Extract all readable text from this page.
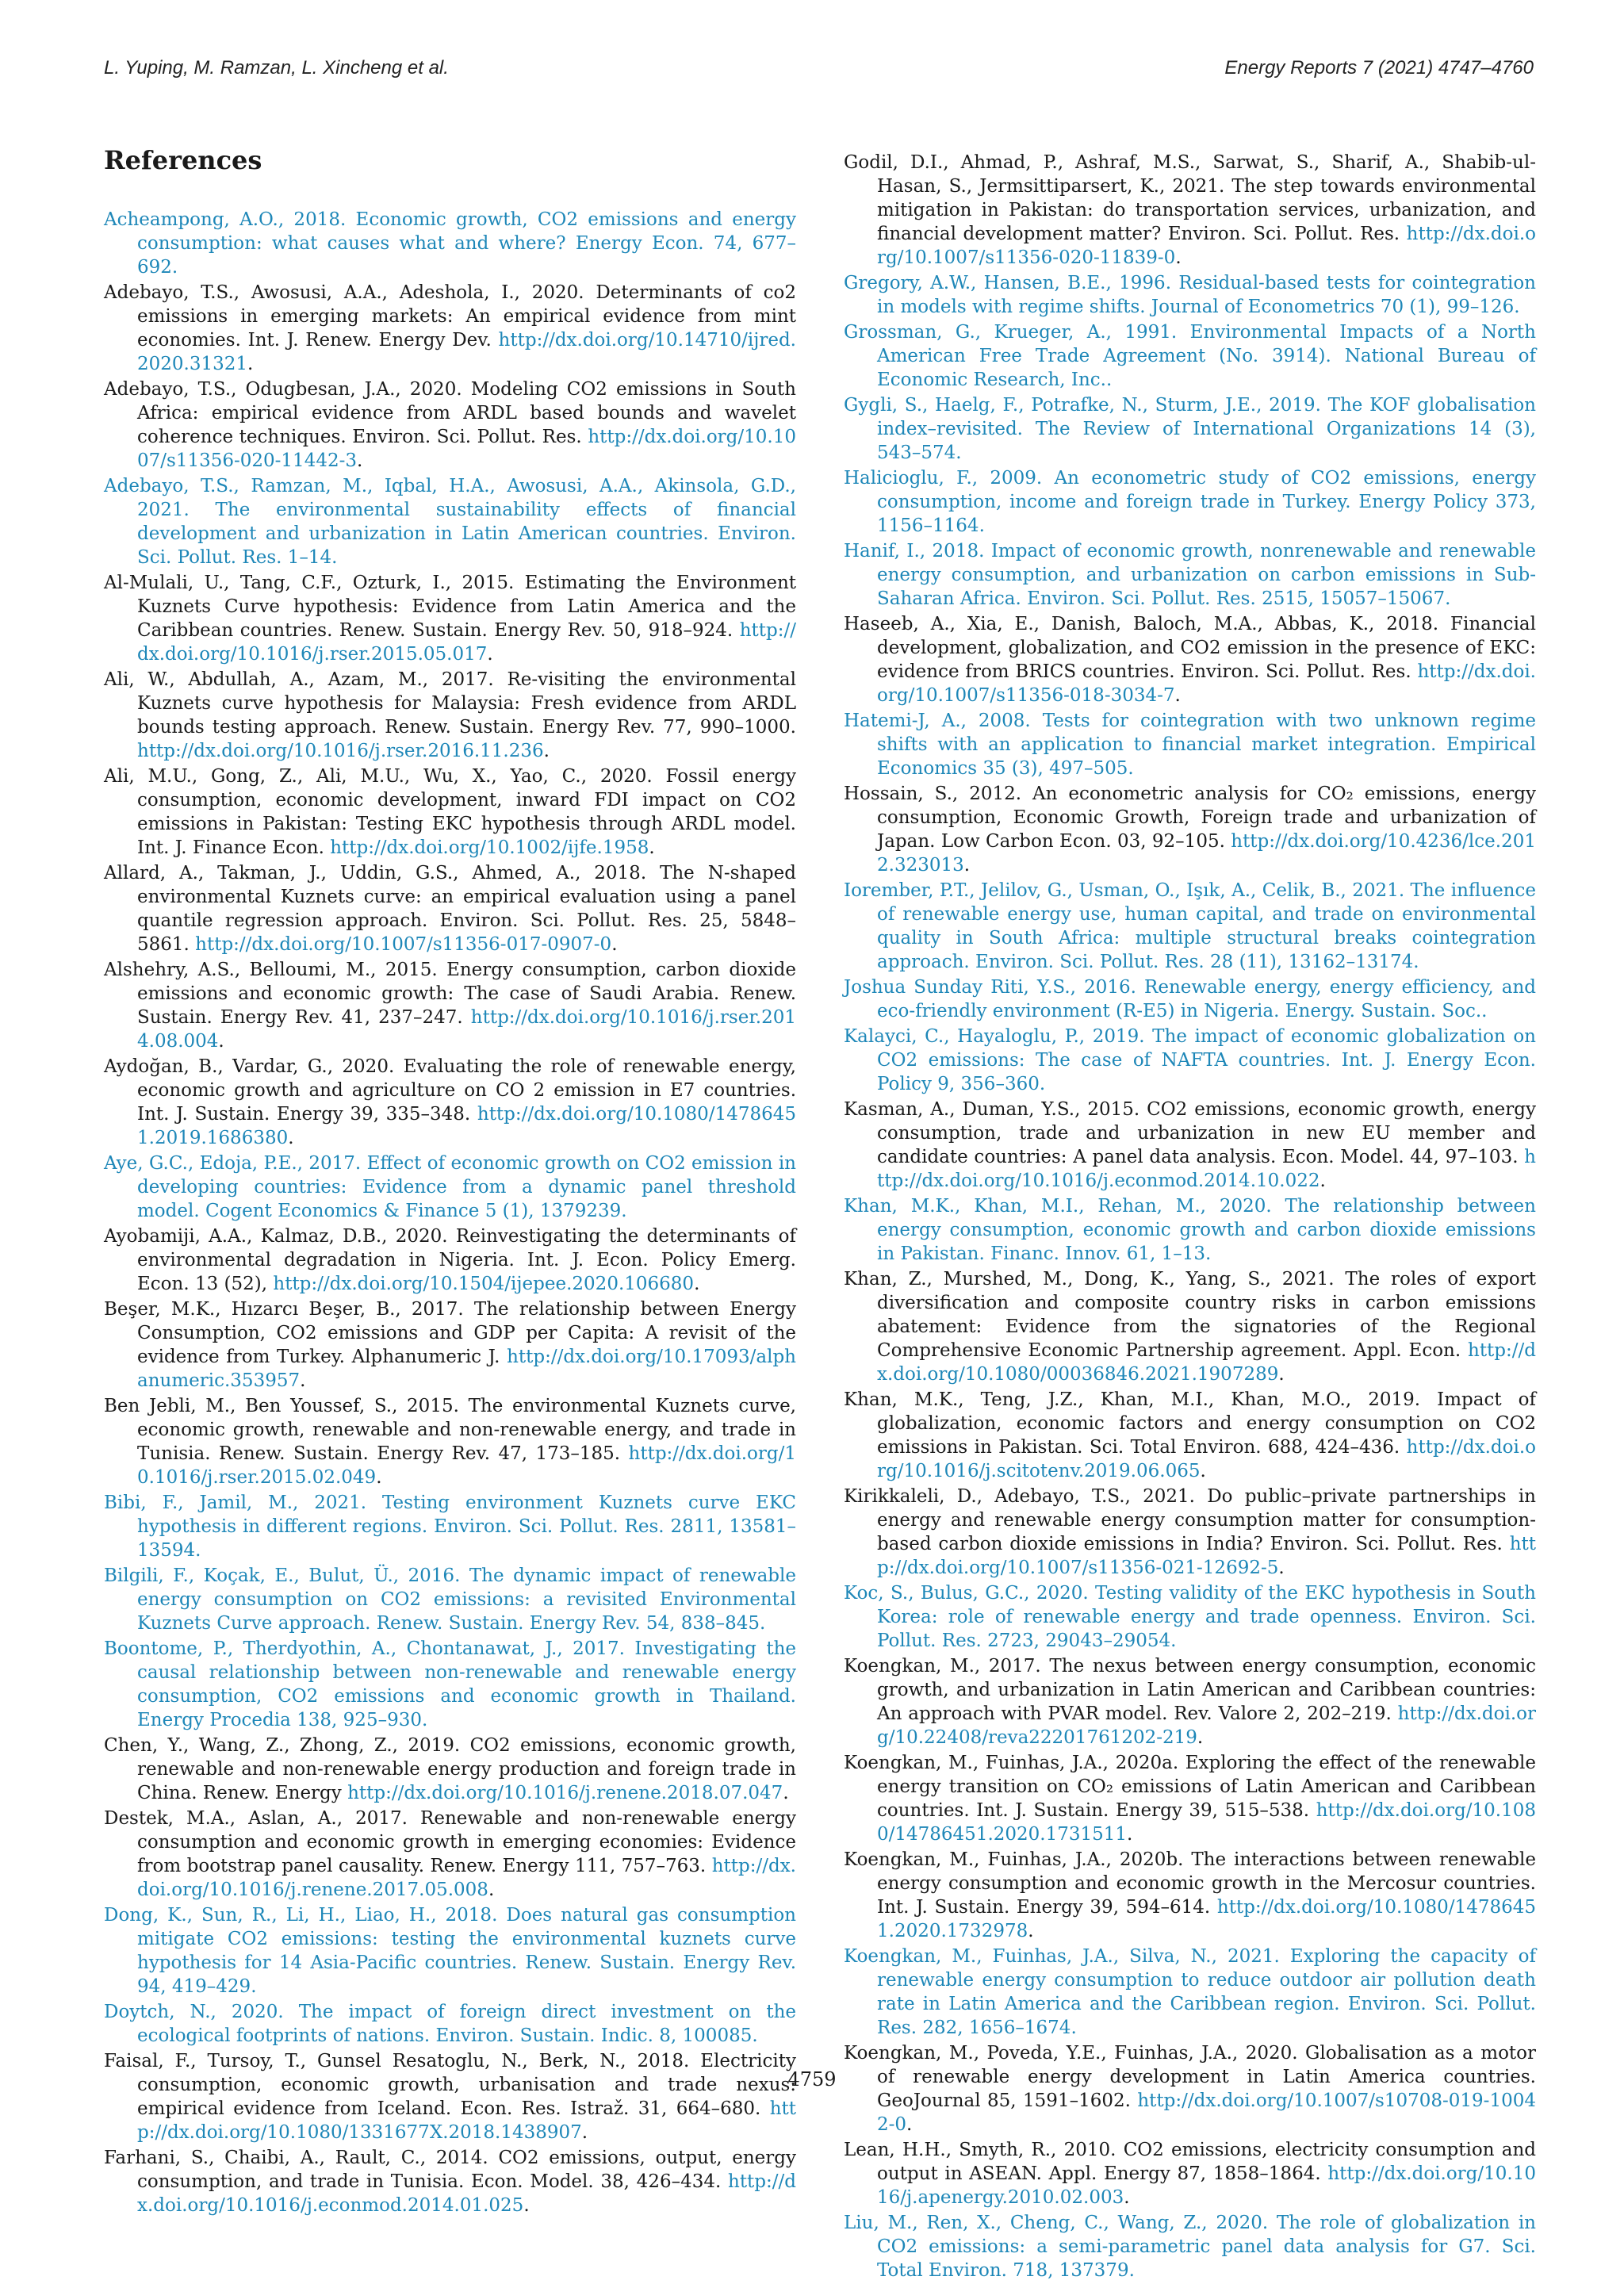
L. Yuping, M. Ramzan, L. Xincheng et al.	Energy Reports 7 (2021) 4747–4760
References

Acheampong, A.O., 2018. Economic growth, CO2 emissions and energy consumption: what causes what and where? Energy Econ. 74, 677–692.

Adebayo, T.S., Awosusi, A.A., Adeshola, I., 2020. Determinants of co2 emissions in emerging markets: An empirical evidence from mint economies. Int. J. Renew. Energy Dev. http://dx.doi.org/10.14710/ijred.2020.31321.

Adebayo, T.S., Odugbesan, J.A., 2020. Modeling CO2 emissions in South Africa: empirical evidence from ARDL based bounds and wavelet coherence techniques. Environ. Sci. Pollut. Res. http://dx.doi.org/10.1007/s11356-020-11442-3.

Adebayo, T.S., Ramzan, M., Iqbal, H.A., Awosusi, A.A., Akinsola, G.D., 2021. The environmental sustainability effects of financial development and urbanization in Latin American countries. Environ. Sci. Pollut. Res. 1–14.

Al-Mulali, U., Tang, C.F., Ozturk, I., 2015. Estimating the Environment Kuznets Curve hypothesis: Evidence from Latin America and the Caribbean countries. Renew. Sustain. Energy Rev. 50, 918–924. http://dx.doi.org/10.1016/j.rser.2015.05.017.

Ali, W., Abdullah, A., Azam, M., 2017. Re-visiting the environmental Kuznets curve hypothesis for Malaysia: Fresh evidence from ARDL bounds testing approach. Renew. Sustain. Energy Rev. 77, 990–1000. http://dx.doi.org/10.1016/j.rser.2016.11.236.

Ali, M.U., Gong, Z., Ali, M.U., Wu, X., Yao, C., 2020. Fossil energy consumption, economic development, inward FDI impact on CO2 emissions in Pakistan: Testing EKC hypothesis through ARDL model. Int. J. Finance Econ. http://dx.doi.org/10.1002/ijfe.1958.

Allard, A., Takman, J., Uddin, G.S., Ahmed, A., 2018. The N-shaped environmental Kuznets curve: an empirical evaluation using a panel quantile regression approach. Environ. Sci. Pollut. Res. 25, 5848–5861. http://dx.doi.org/10.1007/s11356-017-0907-0.

Alshehry, A.S., Belloumi, M., 2015. Energy consumption, carbon dioxide emissions and economic growth: The case of Saudi Arabia. Renew. Sustain. Energy Rev. 41, 237–247. http://dx.doi.org/10.1016/j.rser.2014.08.004.

Aydoğan, B., Vardar, G., 2020. Evaluating the role of renewable energy, economic growth and agriculture on CO 2 emission in E7 countries. Int. J. Sustain. Energy 39, 335–348. http://dx.doi.org/10.1080/14786451.2019.1686380.

Aye, G.C., Edoja, P.E., 2017. Effect of economic growth on CO2 emission in developing countries: Evidence from a dynamic panel threshold model. Cogent Economics & Finance 5 (1), 1379239.

Ayobamiji, A.A., Kalmaz, D.B., 2020. Reinvestigating the determinants of environmental degradation in Nigeria. Int. J. Econ. Policy Emerg. Econ. 13 (52), http://dx.doi.org/10.1504/ijepee.2020.106680.

Beşer, M.K., Hızarcı Beşer, B., 2017. The relationship between Energy Consumption, CO2 emissions and GDP per Capita: A revisit of the evidence from Turkey. Alphanumeric J. http://dx.doi.org/10.17093/alphanumeric.353957.

Ben Jebli, M., Ben Youssef, S., 2015. The environmental Kuznets curve, economic growth, renewable and non-renewable energy, and trade in Tunisia. Renew. Sustain. Energy Rev. 47, 173–185. http://dx.doi.org/10.1016/j.rser.2015.02.049.

Bibi, F., Jamil, M., 2021. Testing environment Kuznets curve EKC hypothesis in different regions. Environ. Sci. Pollut. Res. 2811, 13581–13594.

Bilgili, F., Koçak, E., Bulut, Ü., 2016. The dynamic impact of renewable energy consumption on CO2 emissions: a revisited Environmental Kuznets Curve approach. Renew. Sustain. Energy Rev. 54, 838–845.

Boontome, P., Therdyothin, A., Chontanawat, J., 2017. Investigating the causal relationship between non-renewable and renewable energy consumption, CO2 emissions and economic growth in Thailand. Energy Procedia 138, 925–930.

Chen, Y., Wang, Z., Zhong, Z., 2019. CO2 emissions, economic growth, renewable and non-renewable energy production and foreign trade in China. Renew. Energy http://dx.doi.org/10.1016/j.renene.2018.07.047.

Destek, M.A., Aslan, A., 2017. Renewable and non-renewable energy consumption and economic growth in emerging economies: Evidence from bootstrap panel causality. Renew. Energy 111, 757–763. http://dx.doi.org/10.1016/j.renene.2017.05.008.

Dong, K., Sun, R., Li, H., Liao, H., 2018. Does natural gas consumption mitigate CO2 emissions: testing the environmental kuznets curve hypothesis for 14 Asia-Pacific countries. Renew. Sustain. Energy Rev. 94, 419–429.

Doytch, N., 2020. The impact of foreign direct investment on the ecological footprints of nations. Environ. Sustain. Indic. 8, 100085.

Faisal, F., Tursoy, T., Gunsel Resatoglu, N., Berk, N., 2018. Electricity consumption, economic growth, urbanisation and trade nexus: empirical evidence from Iceland. Econ. Res. Istraž. 31, 664–680. http://dx.doi.org/10.1080/1331677X.2018.1438907.

Farhani, S., Chaibi, A., Rault, C., 2014. CO2 emissions, output, energy consumption, and trade in Tunisia. Econ. Model. 38, 426–434. http://dx.doi.org/10.1016/j.econmod.2014.01.025.

Godil, D.I., Ahmad, P., Ashraf, M.S., Sarwat, S., Sharif, A., Shabib-ul-Hasan, S., Jermsittiparsert, K., 2021. The step towards environmental mitigation in Pakistan: do transportation services, urbanization, and financial development matter? Environ. Sci. Pollut. Res. http://dx.doi.org/10.1007/s11356-020-11839-0.

Gregory, A.W., Hansen, B.E., 1996. Residual-based tests for cointegration in models with regime shifts. Journal of Econometrics 70 (1), 99–126.

Grossman, G., Krueger, A., 1991. Environmental Impacts of a North American Free Trade Agreement (No. 3914). National Bureau of Economic Research, Inc..

Gygli, S., Haelg, F., Potrafke, N., Sturm, J.E., 2019. The KOF globalisation index–revisited. The Review of International Organizations 14 (3), 543–574.

Halicioglu, F., 2009. An econometric study of CO2 emissions, energy consumption, income and foreign trade in Turkey. Energy Policy 373, 1156–1164.

Hanif, I., 2018. Impact of economic growth, nonrenewable and renewable energy consumption, and urbanization on carbon emissions in Sub-Saharan Africa. Environ. Sci. Pollut. Res. 2515, 15057–15067.

Haseeb, A., Xia, E., Danish, Baloch, M.A., Abbas, K., 2018. Financial development, globalization, and CO2 emission in the presence of EKC: evidence from BRICS countries. Environ. Sci. Pollut. Res. http://dx.doi.org/10.1007/s11356-018-3034-7.

Hatemi-J, A., 2008. Tests for cointegration with two unknown regime shifts with an application to financial market integration. Empirical Economics 35 (3), 497–505.

Hossain, S., 2012. An econometric analysis for CO₂ emissions, energy consumption, Economic Growth, Foreign trade and urbanization of Japan. Low Carbon Econ. 03, 92–105. http://dx.doi.org/10.4236/lce.2012.323013.

Iorember, P.T., Jelilov, G., Usman, O., Işık, A., Celik, B., 2021. The influence of renewable energy use, human capital, and trade on environmental quality in South Africa: multiple structural breaks cointegration approach. Environ. Sci. Pollut. Res. 28 (11), 13162–13174.

Joshua Sunday Riti, Y.S., 2016. Renewable energy, energy efficiency, and eco-friendly environment (R-E5) in Nigeria. Energy. Sustain. Soc..

Kalayci, C., Hayaloglu, P., 2019. The impact of economic globalization on CO2 emissions: The case of NAFTA countries. Int. J. Energy Econ. Policy 9, 356–360.

Kasman, A., Duman, Y.S., 2015. CO2 emissions, economic growth, energy consumption, trade and urbanization in new EU member and candidate countries: A panel data analysis. Econ. Model. 44, 97–103. http://dx.doi.org/10.1016/j.econmod.2014.10.022.

Khan, M.K., Khan, M.I., Rehan, M., 2020. The relationship between energy consumption, economic growth and carbon dioxide emissions in Pakistan. Financ. Innov. 61, 1–13.

Khan, Z., Murshed, M., Dong, K., Yang, S., 2021. The roles of export diversification and composite country risks in carbon emissions abatement: Evidence from the signatories of the Regional Comprehensive Economic Partnership agreement. Appl. Econ. http://dx.doi.org/10.1080/00036846.2021.1907289.

Khan, M.K., Teng, J.Z., Khan, M.I., Khan, M.O., 2019. Impact of globalization, economic factors and energy consumption on CO2 emissions in Pakistan. Sci. Total Environ. 688, 424–436. http://dx.doi.org/10.1016/j.scitotenv.2019.06.065.

Kirikkaleli, D., Adebayo, T.S., 2021. Do public–private partnerships in energy and renewable energy consumption matter for consumption-based carbon dioxide emissions in India? Environ. Sci. Pollut. Res. http://dx.doi.org/10.1007/s11356-021-12692-5.

Koc, S., Bulus, G.C., 2020. Testing validity of the EKC hypothesis in South Korea: role of renewable energy and trade openness. Environ. Sci. Pollut. Res. 2723, 29043–29054.

Koengkan, M., 2017. The nexus between energy consumption, economic growth, and urbanization in Latin American and Caribbean countries: An approach with PVAR model. Rev. Valore 2, 202–219. http://dx.doi.org/10.22408/reva22201761202-219.

Koengkan, M., Fuinhas, J.A., 2020a. Exploring the effect of the renewable energy transition on CO₂ emissions of Latin American and Caribbean countries. Int. J. Sustain. Energy 39, 515–538. http://dx.doi.org/10.1080/14786451.2020.1731511.

Koengkan, M., Fuinhas, J.A., 2020b. The interactions between renewable energy consumption and economic growth in the Mercosur countries. Int. J. Sustain. Energy 39, 594–614. http://dx.doi.org/10.1080/14786451.2020.1732978.

Koengkan, M., Fuinhas, J.A., Silva, N., 2021. Exploring the capacity of renewable energy consumption to reduce outdoor air pollution death rate in Latin America and the Caribbean region. Environ. Sci. Pollut. Res. 282, 1656–1674.

Koengkan, M., Poveda, Y.E., Fuinhas, J.A., 2020. Globalisation as a motor of renewable energy development in Latin America countries. GeoJournal 85, 1591–1602. http://dx.doi.org/10.1007/s10708-019-10042-0.

Lean, H.H., Smyth, R., 2010. CO2 emissions, electricity consumption and output in ASEAN. Appl. Energy 87, 1858–1864. http://dx.doi.org/10.1016/j.apenergy.2010.02.003.

Liu, M., Ren, X., Cheng, C., Wang, Z., 2020. The role of globalization in CO2 emissions: a semi-parametric panel data analysis for G7. Sci. Total Environ. 718, 137379.

4759
